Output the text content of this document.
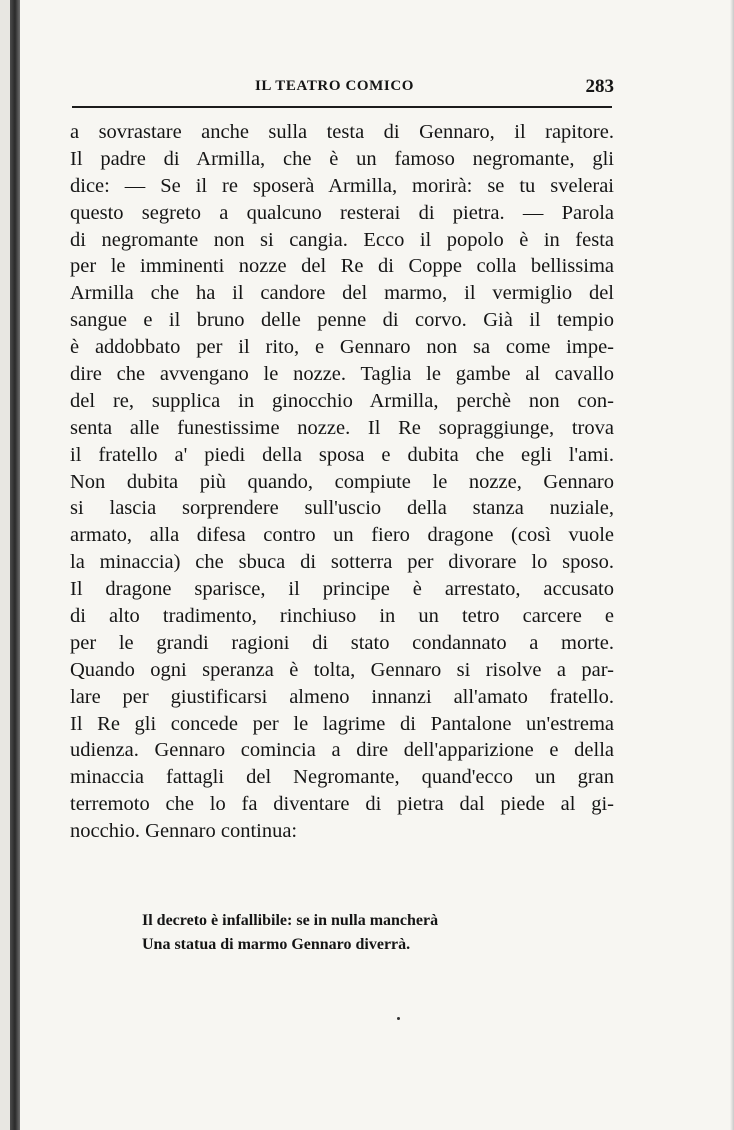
IL TEATRO COMICO	283
a sovrastare anche sulla testa di Gennaro, il rapitore.
Il padre di Armilla, che è un famoso negromante, gli
dice: — Se il re sposerà Armilla, morirà: se tu svelerai
questo segreto a qualcuno resterai di pietra. — Parola
di negromante non si cangia. Ecco il popolo è in festa
per le imminenti nozze del Re di Coppe colla bellissima
Armilla che ha il candore del marmo, il vermiglio del
sangue e il bruno delle penne di corvo. Già il tempio
è addobbato per il rito, e Gennaro non sa come impe-
dire che avvengano le nozze. Taglia le gambe al cavallo
del re, supplica in ginocchio Armilla, perchè non con-
senta alle funestissime nozze. Il Re sopraggiunge, trova
il fratello a' piedi della sposa e dubita che egli l'ami.
Non dubita più quando, compiute le nozze, Gennaro
si lascia sorprendere sull'uscio della stanza nuziale,
armato, alla difesa contro un fiero dragone (così vuole
la minaccia) che sbuca di sotterra per divorare lo sposo.
Il dragone sparisce, il principe è arrestato, accusato
di alto tradimento, rinchiuso in un tetro carcere e
per le grandi ragioni di stato condannato a morte.
Quando ogni speranza è tolta, Gennaro si risolve a par-
lare per giustificarsi almeno innanzi all'amato fratello.
Il Re gli concede per le lagrime di Pantalone un'estrema
udienza. Gennaro comincia a dire dell'apparizione e della
minaccia fattagli del Negromante, quand'ecco un gran
terremoto che lo fa diventare di pietra dal piede al gi-
nocchio. Gennaro continua:
Il decreto è infallibile: se in nulla mancherà
Una statua di marmo Gennaro diverrà.
